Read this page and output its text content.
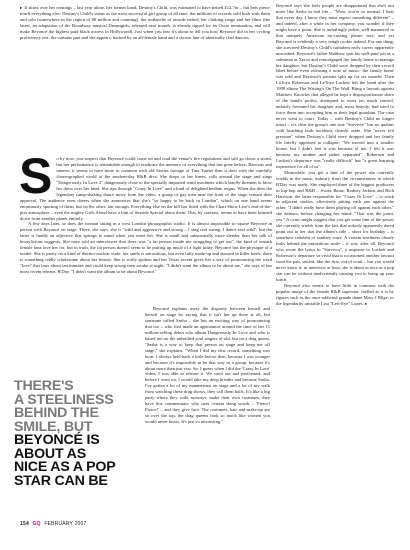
▸ It skirts over her earnings – last year alone, her former band, Destiny's Child, was estimated to have netted £12.7m – but bets pretty much everything else: Destiny's Child's status as the most successful girl group of all time, the millions of records sold both with them and solo (somewhere in the region of 80 million and counting), the avalanche of awards netted, her clothing range and her films (the latest, an adaptation of the Broadway musical Dreamgirls, released next month, is already tipped for an Oscar nomination, and will make Beyoncé the highest paid black actress in Hollywood). Just when you fear it's about to tell you how Beyoncé did in her cycling proficiency test, the curtains part and she appears, backed by an all-female band and a chorus line of identically clad dancers.
S o by now, you suspect that Beyoncé could come on and read the venue's fire regulations and still go down a storm, but her performance is remarkable enough to eradicate the memory of everything that has gone before. Raucous and intense, it seems to have more in common with old Sixties footage of Tina Turner than it does with the carefully choreographed world of the modern-day R&B diva. She drops to her knees, rolls around the stage and sings "Dangerously In Love 2" dangerously close to the specially imported wind machines which briefly threaten to blow her dress over her head. She rips through "Crazy In Love" and a kind of delighted bedlam reigns. When she does the legendary rump-shaking dance move from the video, a group of gay men near the front of the stage scream their approval. The audience even cheers when she announces that she's "so happy to be back in London", which on one hand seems enormously sporting of them, but on the other, fair enough. Everything else on the bill has fitted with the Chart Show Live's end-of-the-pier atmosphere – even the mighty Girls Aloud have a hint of Seaside Special about them. This, by contrast, seems to have been beamed down from another planet entirely.

A few days later, so does the woman sitting in a west London photographic studio. It is almost impossible to square Beyoncé in person with Beyoncé on stage. There, she says, she is "wild and aggressive and strong – I sing real strong. I dance real wild", but the latter is hardly an adjective that springs to mind when you meet her. She is small and substantially more slender than her talk of bootylicious suggests. She once told an interviewer that there was "a fat person inside me struggling to get out", the kind of remark female fans love her for, but in truth, the fat person doesn't seem to be putting up much of a fight today. Beyoncé has the physique of a model. She is pretty on a kind of thermo-nuclear scale: her smile is miraculous, but even fully made-up and dressed in killer heels, there is something oddly wholesome about her beauty. She is softly spoken and her Texas accent gives her a way of pronouncing the word "love" that lasts about ten minutes and could keep strong men awake at night. "I didn't want the album to be about me," she says of her most recent release, B'Day. "I didn't want the album to be about Beyoncé."

Beyoncé explains away the disparity between herself and herself on stage by saying that it isn't her up there at all, but someone called Sasha – she has an exciting way of pronouncing that too – who first made an appearance around the time of her 11 million-selling debut solo album Dangerously In Love and who is based not on the unbridled soul singers of old, but on a drag queen. "Sasha is a way to keep that person on stage and keep me off stage," she explains. "When I did my first record, something was born. I always held back a little before then, because I was younger and because it's impossible to be that way in a group, because it's about more than just you. So, I guess when I did the 'Crazy In Love' video, I was able to release it. We went out and performed, and before I went on, I would take my deep breaths and become Sasha. I've gotten a lot of my mannerisms on stage and a lot of my walk from watching these drag shows, they call them balls. It's like a big party where they walk runways, make their own costumes, they have this commentator who uses certain slang words – 'Fierce! Fierce!' – and they give face. The costumes, hair and make-up are so over the top, the drag queens look so much like women you would never know. It's just so interesting."

Beyoncé says she feels people are disappointed that she's not more like Sasha in real life – "Wow, you're so normal: I hear that every day, I know they must expect something different" – and indeed, after a while in her company, you wonder if they might have a point. She is unfailingly polite, well-mannered in that uniquely American no-cussing please way, and yet Beyoncé is evidently a very tough cookie indeed. For one thing, she survived Destiny's Child's turbulent early career apparently unscathed. Beyoncé's father Matthew quit his well-paid job as a salesman at Xerox and remortgaged the family home to manage his daughter, but Destiny's Child were dropped by their record label before even releasing a note of music: the family home was sold and Beyoncé's parents split up for six months. Then LaToya Roberson and LeToya Luckett left the band after the 1999 album The Writing's On The Wall. Bitng a lawsuit against Matthew Knowles that alleged he kept a disproportionate share of the band's profits, attempted to exert too much control, unfairly favoured his daughter and, most heavily, had tried to force them into accepting him as their legal guardian. The case never went to court. Today – with Destiny's Child no longer intact – it's clear the group's one true "Survivor" has no qualms with brushing both incidents cleanly aside. She "never felt pressure" when Destiny's Child were dropped and her family life briefly appeared to collapse: "We moved into a smaller house, but I didn't feel it was because of me, I felt it was because my mother and father separated". Roberson and Luckett's departure was "really difficult" but "a great learning experience for all of us".

Meanwhile, you get a hint of the power she currently wields in the music industry from the circumstances in which B'Day was made. She employed three of the biggest producers in hip-hop and R&B – Swizz Beatz, Rodney Jerkins and Rich Harrison, the latter responsible for "Crazy In Love" – to work in adjacent studios, effectively pitting each one against the other. "I didn't really have them playing off against each other," she demurs, before changing her mind: "That was the point, yes." A cynic might suggest that you get some hint of the power she currently wields from the fact that nobody apparently dared point out to her that the album's title – short for birthday – is somehow redolent of sanitary ware. A certain steeliness clearly lurks behind the miraculous smile – it was, after all, Beyoncé who wrote the lyrics to "Survivor", a response to Luckett and Roberson's departure so vivid that it occasioned another lawsuit from the pair, settled, like the first, out of court – but you would never know it: in interview at least, she is about as nice as a pop star can be without inadvertently causing you to bring up your lunch.

Beyoncé also seems to have little in common with the popular image of the female R&B superstar, fuelled as it is by figures such as the once-addicted grande dame Mary J Blige, or the legendarily unstable Lisa "Left-Eye" Lopes. ▸

THERE'S
A STEELINESS
BEHIND THE
SMILE, BUT
BEYONCÉ IS
ABOUT AS
NICE AS A POP
STAR CAN BE
154 GQ FEBRUARY 2007
